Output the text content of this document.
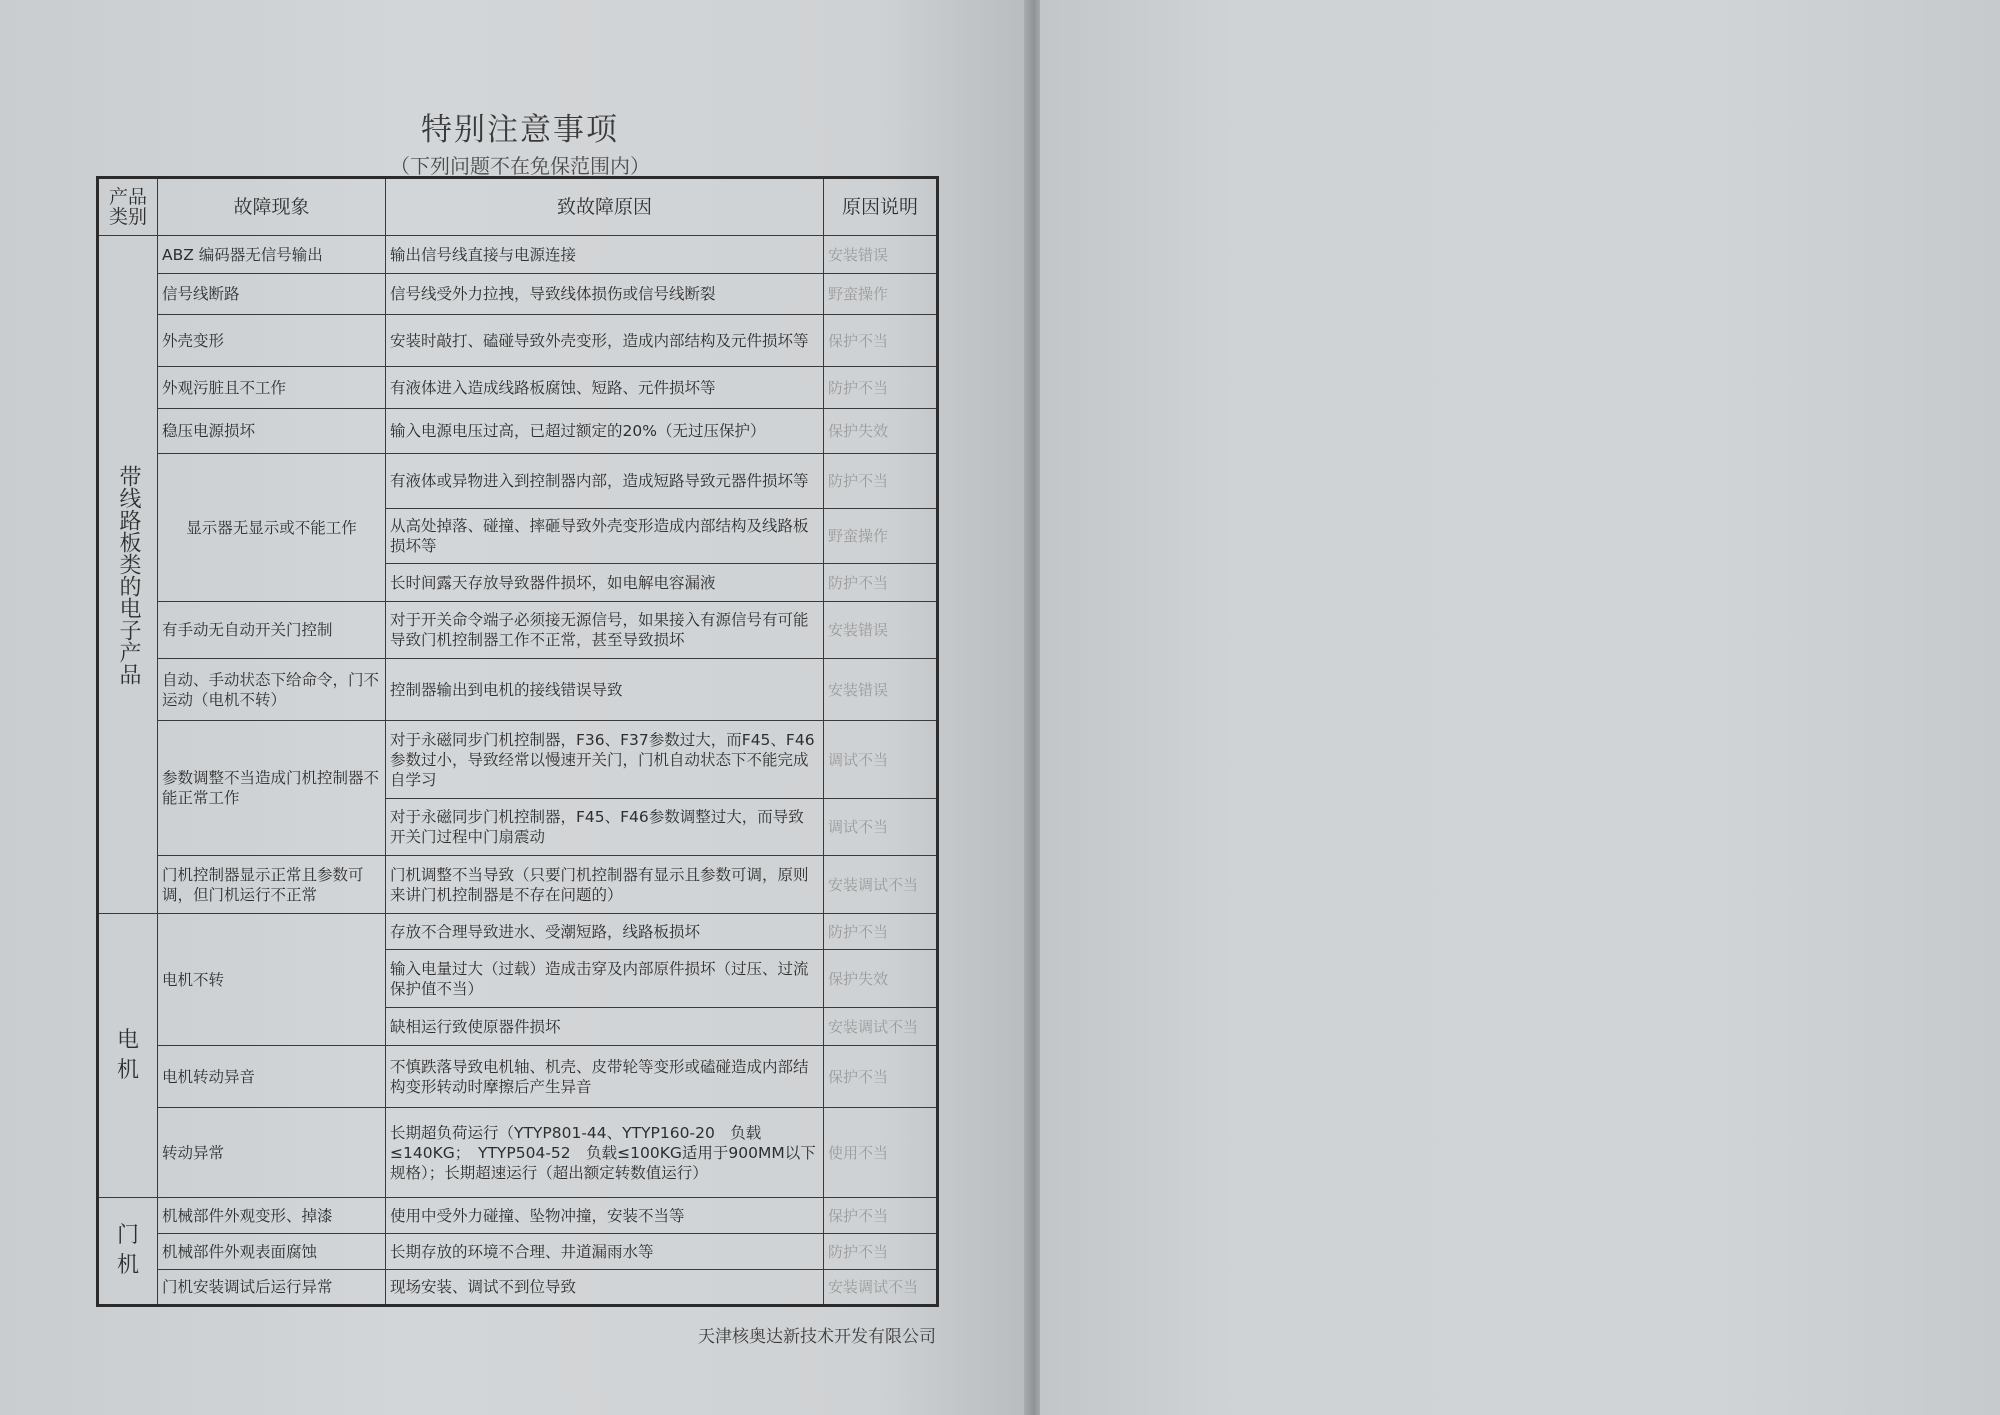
特别注意事项
（下列问题不在免保范围内）
产品类别	故障现象	致故障原因	原因说明
带线路板类的电子产品	ABZ 编码器无信号输出	输出信号线直接与电源连接	安装错误
	信号线断路	信号线受外力拉拽，导致线体损伤或信号线断裂	野蛮操作
	外壳变形	安装时敲打、磕碰导致外壳变形，造成内部结构及元件损坏等	保护不当
	外观污脏且不工作	有液体进入造成线路板腐蚀、短路、元件损坏等	防护不当
	稳压电源损坏	输入电源电压过高，已超过额定的20%（无过压保护）	保护失效
	显示器无显示或不能工作	有液体或异物进入到控制器内部，造成短路导致元器件损坏等	防护不当
		从高处掉落、碰撞、摔砸导致外壳变形造成内部结构及线路板损坏等	野蛮操作
		长时间露天存放导致器件损坏，如电解电容漏液	防护不当
	有手动无自动开关门控制	对于开关命令端子必须接无源信号，如果接入有源信号有可能导致门机控制器工作不正常，甚至导致损坏	安装错误
	自动、手动状态下给命令，门不运动（电机不转）	控制器输出到电机的接线错误导致	安装错误
	参数调整不当造成门机控制器不能正常工作	对于永磁同步门机控制器，F36、F37参数过大，而F45、F46参数过小，导致经常以慢速开关门，门机自动状态下不能完成自学习	调试不当
		对于永磁同步门机控制器，F45、F46参数调整过大，而导致开关门过程中门扇震动	调试不当
	门机控制器显示正常且参数可调，但门机运行不正常	门机调整不当导致（只要门机控制器有显示且参数可调，原则来讲门机控制器是不存在问题的）	安装调试不当
电机	电机不转	存放不合理导致进水、受潮短路，线路板损坏	防护不当
		输入电量过大（过载）造成击穿及内部原件损坏（过压、过流保护值不当）	保护失效
		缺相运行致使原器件损坏	安装调试不当
	电机转动异音	不慎跌落导致电机轴、机壳、皮带轮等变形或磕碰造成内部结构变形转动时摩擦后产生异音	保护不当
	转动异常	长期超负荷运行（YTYP801-44、YTYP160-20　负载≤140KG；　YTYP504-52　负载≤100KG适用于900MM以下规格）；长期超速运行（超出额定转数值运行）	使用不当
门机	机械部件外观变形、掉漆	使用中受外力碰撞、坠物冲撞，安装不当等	保护不当
	机械部件外观表面腐蚀	长期存放的环境不合理、井道漏雨水等	防护不当
	门机安装调试后运行异常	现场安装、调试不到位导致	安装调试不当
天津核奥达新技术开发有限公司
